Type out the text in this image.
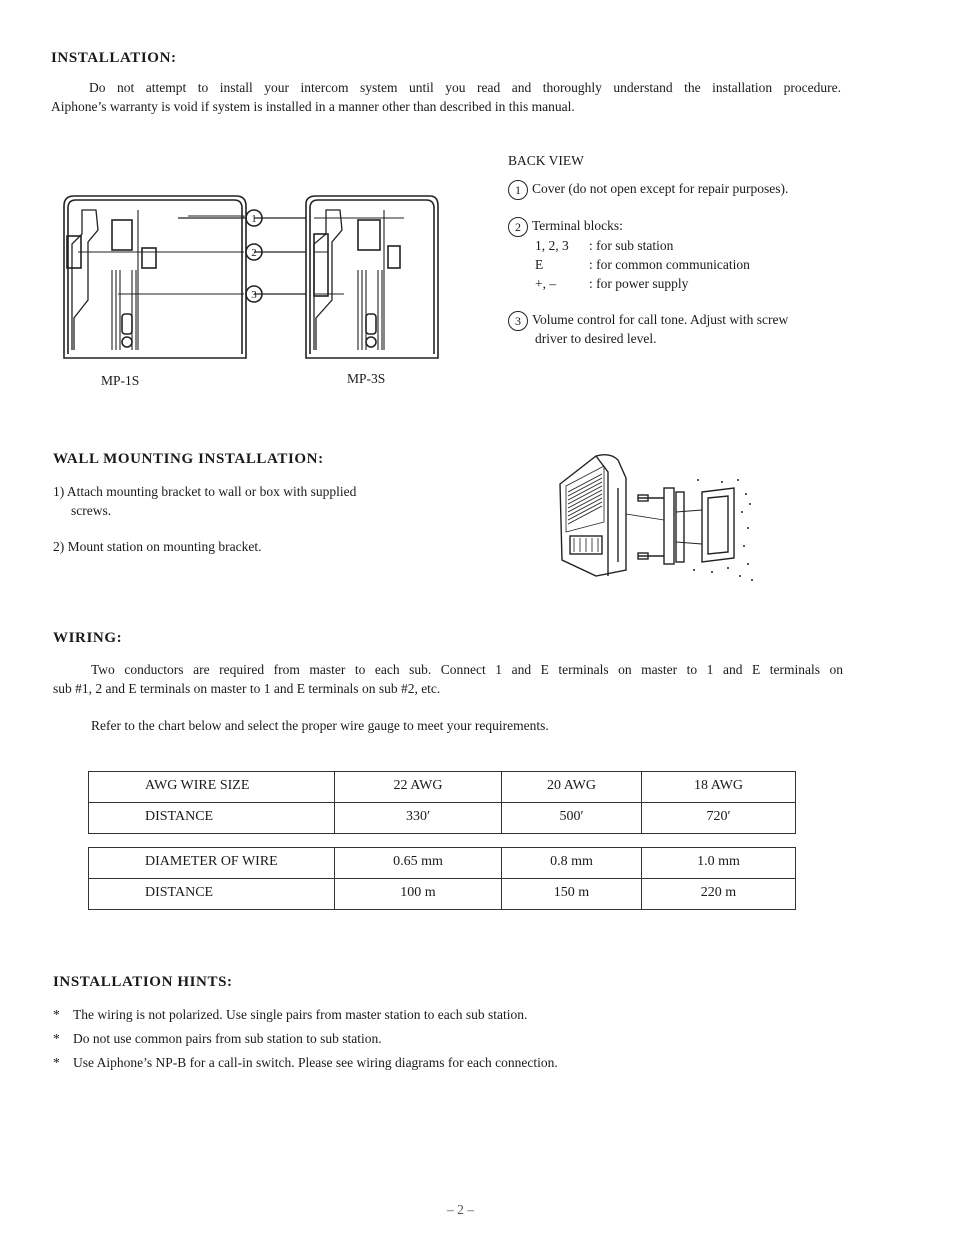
INSTALLATION:
Do not attempt to install your intercom system until you read and thoroughly understand the installation procedure.
Aiphone’s warranty is void if system is installed in a manner other than described in this manual.
1
2
3
MP-1S	MP-3S
BACK VIEW
1 Cover (do not open except for repair purposes).
2 Terminal blocks:
1, 2, 3 : for sub station
E	: for common communication
+, – : for power supply
3 Volume control for call tone. Adjust with screw
driver to desired level.
WALL MOUNTING INSTALLATION:
1) Attach mounting bracket to wall or box with supplied
screws.
2) Mount station on mounting bracket.
WIRING:
Two conductors are required from master to each sub. Connect 1 and E terminals on master to 1 and E terminals on
sub #1, 2 and E terminals on master to 1 and E terminals on sub #2, etc.
Refer to the chart below and select the proper wire gauge to meet your requirements.
AWG WIRE SIZE	22 AWG	20 AWG	18 AWG
DISTANCE	330′	500′	720′
DIAMETER OF WIRE	0.65 mm	0.8 mm	1.0 mm
DISTANCE	100 m	150 m	220 m
INSTALLATION HINTS:
* The wiring is not polarized. Use single pairs from master station to each sub station.
* Do not use common pairs from sub station to sub station.
* Use Aiphone’s NP-B for a call-in switch. Please see wiring diagrams for each connection.
– 2 –
